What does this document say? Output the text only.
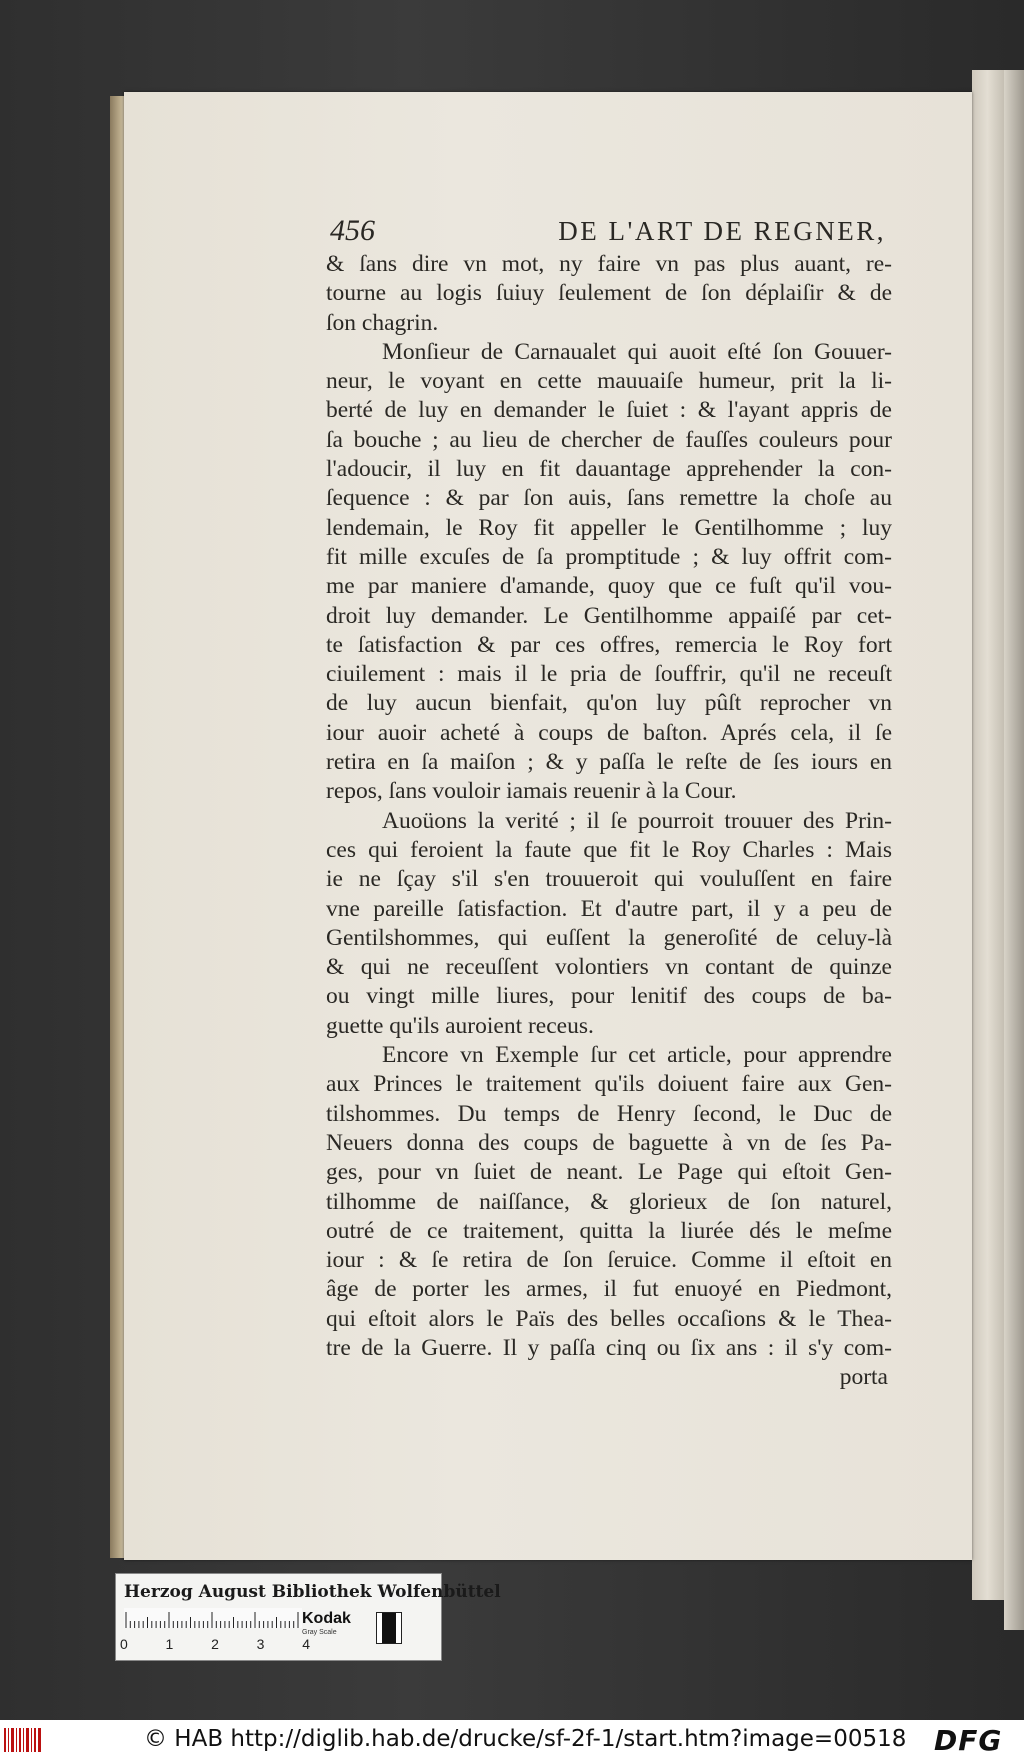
456	DE L'ART DE REGNER,
& ſans dire vn mot, ny faire vn pas plus auant, re-
tourne au logis ſuiuy ſeulement de ſon déplaiſir & de
ſon chagrin.
Monſieur de Carnaualet qui auoit eſté ſon Gouuer-
neur, le voyant en cette mauuaiſe humeur, prit la li-
berté de luy en demander le ſuiet : & l'ayant appris de
ſa bouche ; au lieu de chercher de fauſſes couleurs pour
l'adoucir, il luy en fit dauantage apprehender la con-
ſequence : & par ſon auis, ſans remettre la choſe au
lendemain, le Roy fit appeller le Gentilhomme ; luy
fit mille excuſes de ſa promptitude ; & luy offrit com-
me par maniere d'amande, quoy que ce fuſt qu'il vou-
droit luy demander. Le Gentilhomme appaiſé par cet-
te ſatisfaction & par ces offres, remercia le Roy fort
ciuilement : mais il le pria de ſouffrir, qu'il ne receuſt
de luy aucun bienfait, qu'on luy pûſt reprocher vn
iour auoir acheté à coups de baſton. Aprés cela, il ſe
retira en ſa maiſon ; & y paſſa le reſte de ſes iours en
repos, ſans vouloir iamais reuenir à la Cour.
Auoüons la verité ; il ſe pourroit trouuer des Prin-
ces qui feroient la faute que fit le Roy Charles : Mais
ie ne ſçay s'il s'en trouueroit qui vouluſſent en faire
vne pareille ſatisfaction. Et d'autre part, il y a peu de
Gentilshommes, qui euſſent la generoſité de celuy-là
& qui ne receuſſent volontiers vn contant de quinze
ou vingt mille liures, pour lenitif des coups de ba-
guette qu'ils auroient receus.
Encore vn Exemple ſur cet article, pour apprendre
aux Princes le traitement qu'ils doiuent faire aux Gen-
tilshommes. Du temps de Henry ſecond, le Duc de
Neuers donna des coups de baguette à vn de ſes Pa-
ges, pour vn ſuiet de neant. Le Page qui eſtoit Gen-
tilhomme de naiſſance, & glorieux de ſon naturel,
outré de ce traitement, quitta la liurée dés le meſme
iour : & ſe retira de ſon ſeruice. Comme il eſtoit en
âge de porter les armes, il fut enuoyé en Piedmont,
qui eſtoit alors le Païs des belles occaſions & le Thea-
tre de la Guerre. Il y paſſa cinq ou ſix ans : il s'y com-
porta
Herzog August Bibliothek Wolfenbüttel
0	1	2	3	4
Kodak
Gray Scale
© HAB http://diglib.hab.de/drucke/sf-2f-1/start.htm?image=00518 DFG
